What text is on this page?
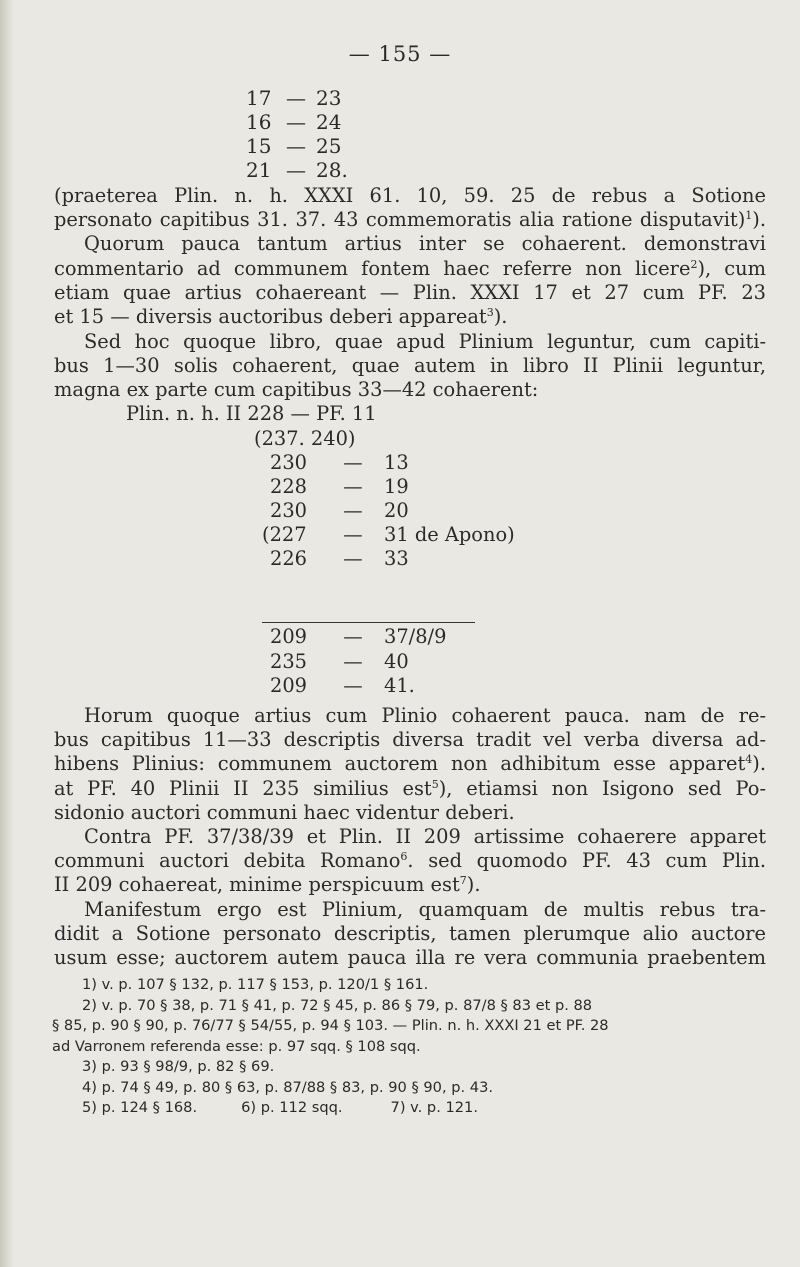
— 155 —
17 — 23
16 — 24
15 — 25
21 — 28.

(praeterea Plin. n. h. XXXI 61. 10, 59. 25 de rebus a Sotione

personato capitibus 31. 37. 43 commemoratis alia ratione disputavit)$^1$).

Quorum pauca tantum artius inter se cohaerent. demonstravi

commentario ad communem fontem haec referre non licere$^2$), cum

etiam quae artius cohaereant — Plin. XXXI 17 et 27 cum PF. 23

et 15 — diversis auctoribus deberi appareat$^3$).

Sed hoc quoque libro, quae apud Plinium leguntur, cum capiti-

bus 1—30 solis cohaerent, quae autem in libro II Plinii leguntur,

magna ex parte cum capitibus 33—42 cohaerent:

Plin. n. h. II 228 — PF. 11
(237. 240)
230	— 13
228	— 19
230	— 20
(227	— 31 de Apono)
226	— 33
209	— 37/8/9
235	— 40
209	— 41.

Horum quoque artius cum Plinio cohaerent pauca. nam de re-

bus capitibus 11—33 descriptis diversa tradit vel verba diversa ad-

hibens Plinius: communem auctorem non adhibitum esse apparet$^4$).

at PF. 40 Plinii II 235 similius est$^5$), etiamsi non Isigono sed Po-

sidonio auctori communi haec videntur deberi.

Contra PF. 37/38/39 et Plin. II 209 artissime cohaerere apparet

communi auctori debita Romano$^6$. sed quomodo PF. 43 cum Plin.

II 209 cohaereat, minime perspicuum est$^7$).

Manifestum ergo est Plinium, quamquam de multis rebus tra-

didit a Sotione personato descriptis, tamen plerumque alio auctore

usum esse; auctorem autem pauca illa re vera communia praebentem

1) v. p. 107 § 132, p. 117 § 153, p. 120/1 § 161.

2) v. p. 70 § 38, p. 71 § 41, p. 72 § 45, p. 86 § 79, p. 87/8 § 83 et p. 88

§ 85, p. 90 § 90, p. 76/77 § 54/55, p. 94 § 103. — Plin. n. h. XXXI 21 et PF. 28

ad Varronem referenda esse: p. 97 sqq. § 108 sqq.

3) p. 93 § 98/9, p. 82 § 69.

4) p. 74 § 49, p. 80 § 63, p. 87/88 § 83, p. 90 § 90, p. 43.

5) p. 124 § 168.	6) p. 112 sqq.	7) v. p. 121.
